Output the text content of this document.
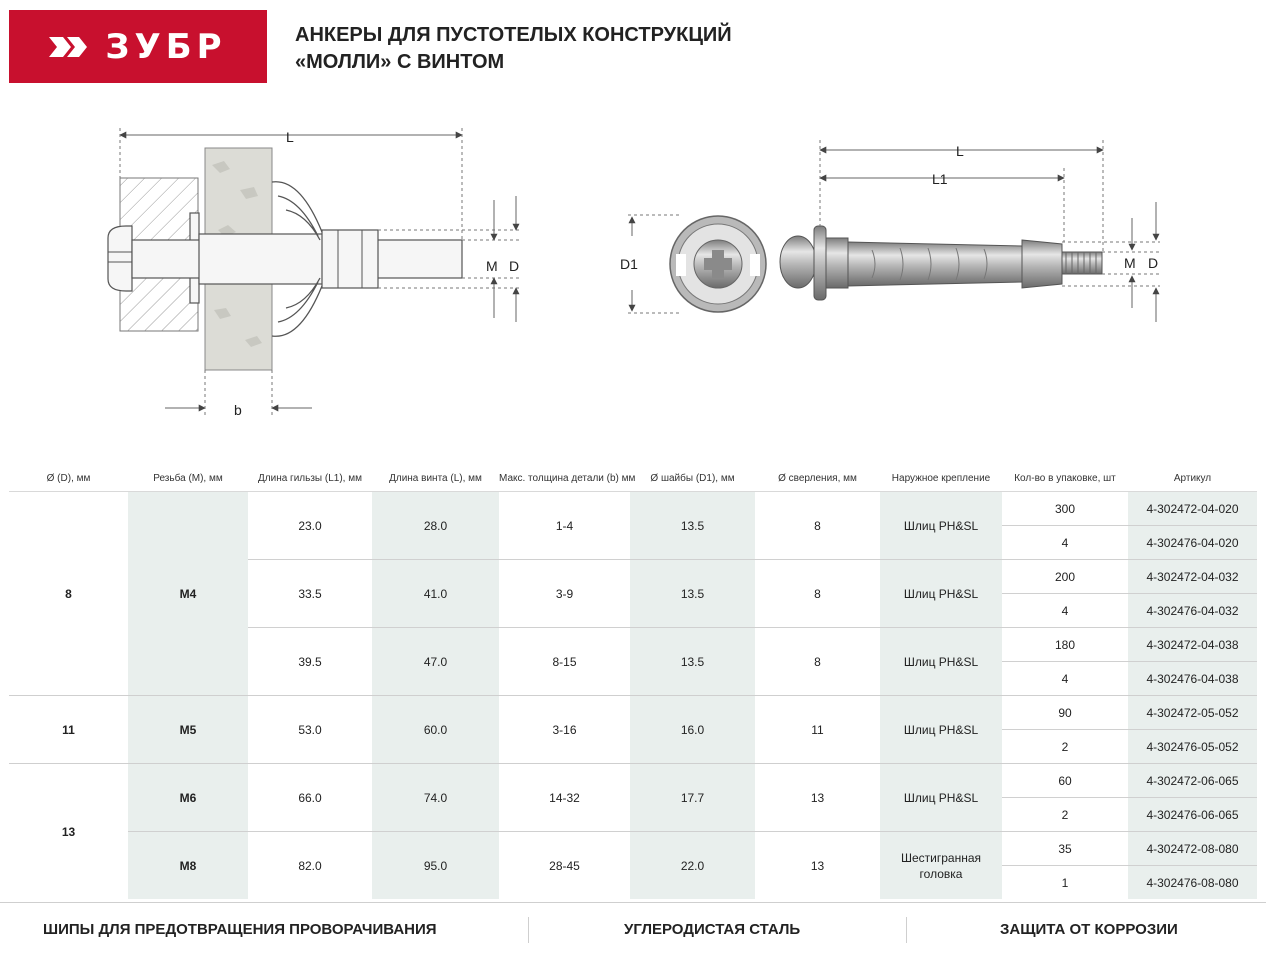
ЗУБР	АНКЕРЫ ДЛЯ ПУСТОТЕЛЫХ КОНСТРУКЦИЙ
«МОЛЛИ» С ВИНТОМ
L
M D
b
D1
L
L1
M D
Ø (D), мм	Резьба (M), мм	Длина гильзы (L1), мм	Длина винта (L), мм	Макс. толщина детали (b) мм	Ø шайбы (D1), мм	Ø сверления, мм	Наружное крепление	Кол-во в упаковке, шт	Артикул
8	M4	23.0	28.0	1-4	13.5	8	Шлиц PH&SL	300	4-302472-04-020
								4	4-302476-04-020
		33.5	41.0	3-9	13.5	8	Шлиц PH&SL	200	4-302472-04-032
								4	4-302476-04-032
		39.5	47.0	8-15	13.5	8	Шлиц PH&SL	180	4-302472-04-038
								4	4-302476-04-038
11	M5	53.0	60.0	3-16	16.0	11	Шлиц PH&SL	90	4-302472-05-052
								2	4-302476-05-052
13	M6	66.0	74.0	14-32	17.7	13	Шлиц PH&SL	60	4-302472-06-065
								2	4-302476-06-065
	M8	82.0	95.0	28-45	22.0	13	Шестигранная головка	35	4-302472-08-080
								1	4-302476-08-080
ШИПЫ ДЛЯ ПРЕДОТВРАЩЕНИЯ ПРОВОРАЧИВАНИЯ	УГЛЕРОДИСТАЯ СТАЛЬ	ЗАЩИТА ОТ КОРРОЗИИ
